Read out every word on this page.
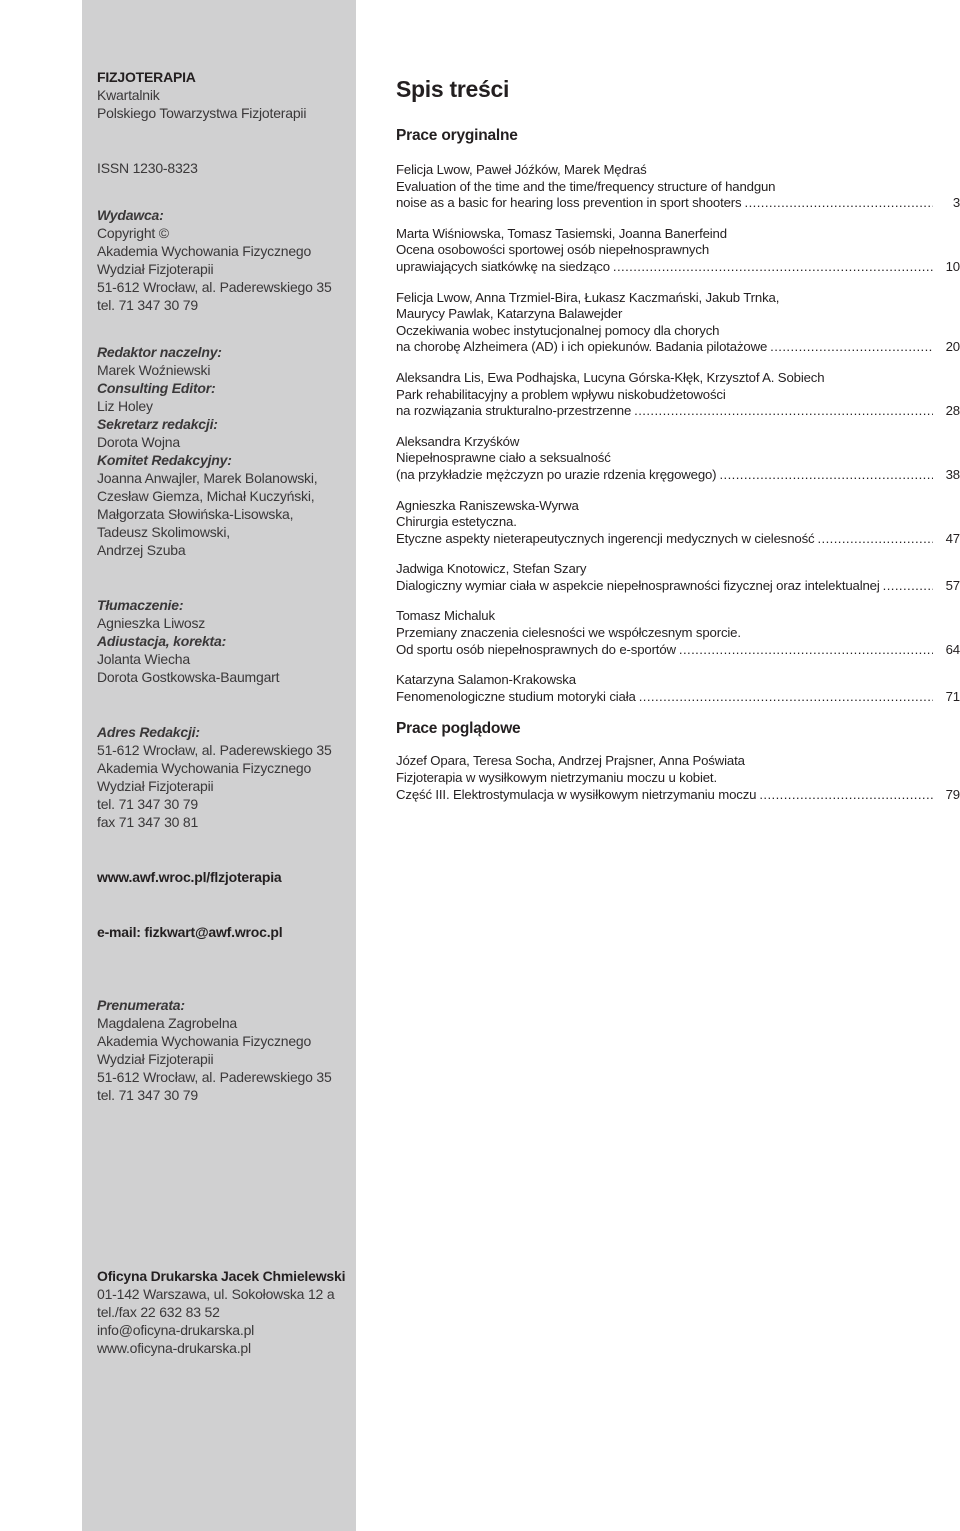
FIZJOTERAPIA
Kwartalnik
Polskiego Towarzystwa Fizjoterapii
ISSN 1230-8323
Wydawca:
Copyright ©
Akademia Wychowania Fizycznego
Wydział Fizjoterapii
51-612 Wrocław, al. Paderewskiego 35
tel. 71 347 30 79
Redaktor naczelny:
Marek Woźniewski
Consulting Editor:
Liz Holey
Sekretarz redakcji:
Dorota Wojna
Komitet Redakcyjny:
Joanna Anwajler, Marek Bolanowski,
Czesław Giemza, Michał Kuczyński,
Małgorzata Słowińska-Lisowska,
Tadeusz Skolimowski,
Andrzej Szuba
Tłumaczenie:
Agnieszka Liwosz
Adiustacja, korekta:
Jolanta Wiecha
Dorota Gostkowska-Baumgart
Adres Redakcji:
51-612 Wrocław, al. Paderewskiego 35
Akademia Wychowania Fizycznego
Wydział Fizjoterapii
tel. 71 347 30 79
fax 71 347 30 81
www.awf.wroc.pl/flzjoterapia
e-mail: fizkwart@awf.wroc.pl
Prenumerata:
Magdalena Zagrobelna
Akademia Wychowania Fizycznego
Wydział Fizjoterapii
51-612 Wrocław, al. Paderewskiego 35
tel. 71 347 30 79
Oficyna Drukarska Jacek Chmielewski
01-142 Warszawa, ul. Sokołowska 12 a
tel./fax 22 632 83 52
info@oficyna-drukarska.pl
www.oficyna-drukarska.pl
Spis treści
Prace oryginalne
Felicja Lwow, Paweł Jóźków, Marek Mędraś
Evaluation of the time and the time/frequency structure of handgun
noise as a basic for hearing loss prevention in sport shooters .....	3
Marta Wiśniowska, Tomasz Tasiemski, Joanna Banerfeind
Ocena osobowości sportowej osób niepełnosprawnych
uprawiających siatkówkę na siedząco .....	10
Felicja Lwow, Anna Trzmiel-Bira, Łukasz Kaczmański, Jakub Trnka,
Maurycy Pawlak, Katarzyna Balawejder
Oczekiwania wobec instytucjonalnej pomocy dla chorych
na chorobę Alzheimera (AD) i ich opiekunów. Badania pilotażowe .....	20
Aleksandra Lis, Ewa Podhajska, Lucyna Górska-Kłęk, Krzysztof A. Sobiech
Park rehabilitacyjny a problem wpływu niskobudżetowości
na rozwiązania strukturalno-przestrzenne .....	28
Aleksandra Krzyśków
Niepełnosprawne ciało a seksualność
(na przykładzie mężczyzn po urazie rdzenia kręgowego) .....	38
Agnieszka Raniszewska-Wyrwa
Chirurgia estetyczna.
Etyczne aspekty nieterapeutycznych ingerencji medycznych w cielesność .....	47
Jadwiga Knotowicz, Stefan Szary
Dialogiczny wymiar ciała w aspekcie niepełnosprawności fizycznej oraz intelektualnej .....	57
Tomasz Michaluk
Przemiany znaczenia cielesności we współczesnym sporcie.
Od sportu osób niepełnosprawnych do e-sportów .....	64
Katarzyna Salamon-Krakowska
Fenomenologiczne studium motoryki ciała .....	71
Prace poglądowe
Józef Opara, Teresa Socha, Andrzej Prajsner, Anna Poświata
Fizjoterapia w wysiłkowym nietrzymaniu moczu u kobiet.
Część III. Elektrostymulacja w wysiłkowym nietrzymaniu moczu .....	79
